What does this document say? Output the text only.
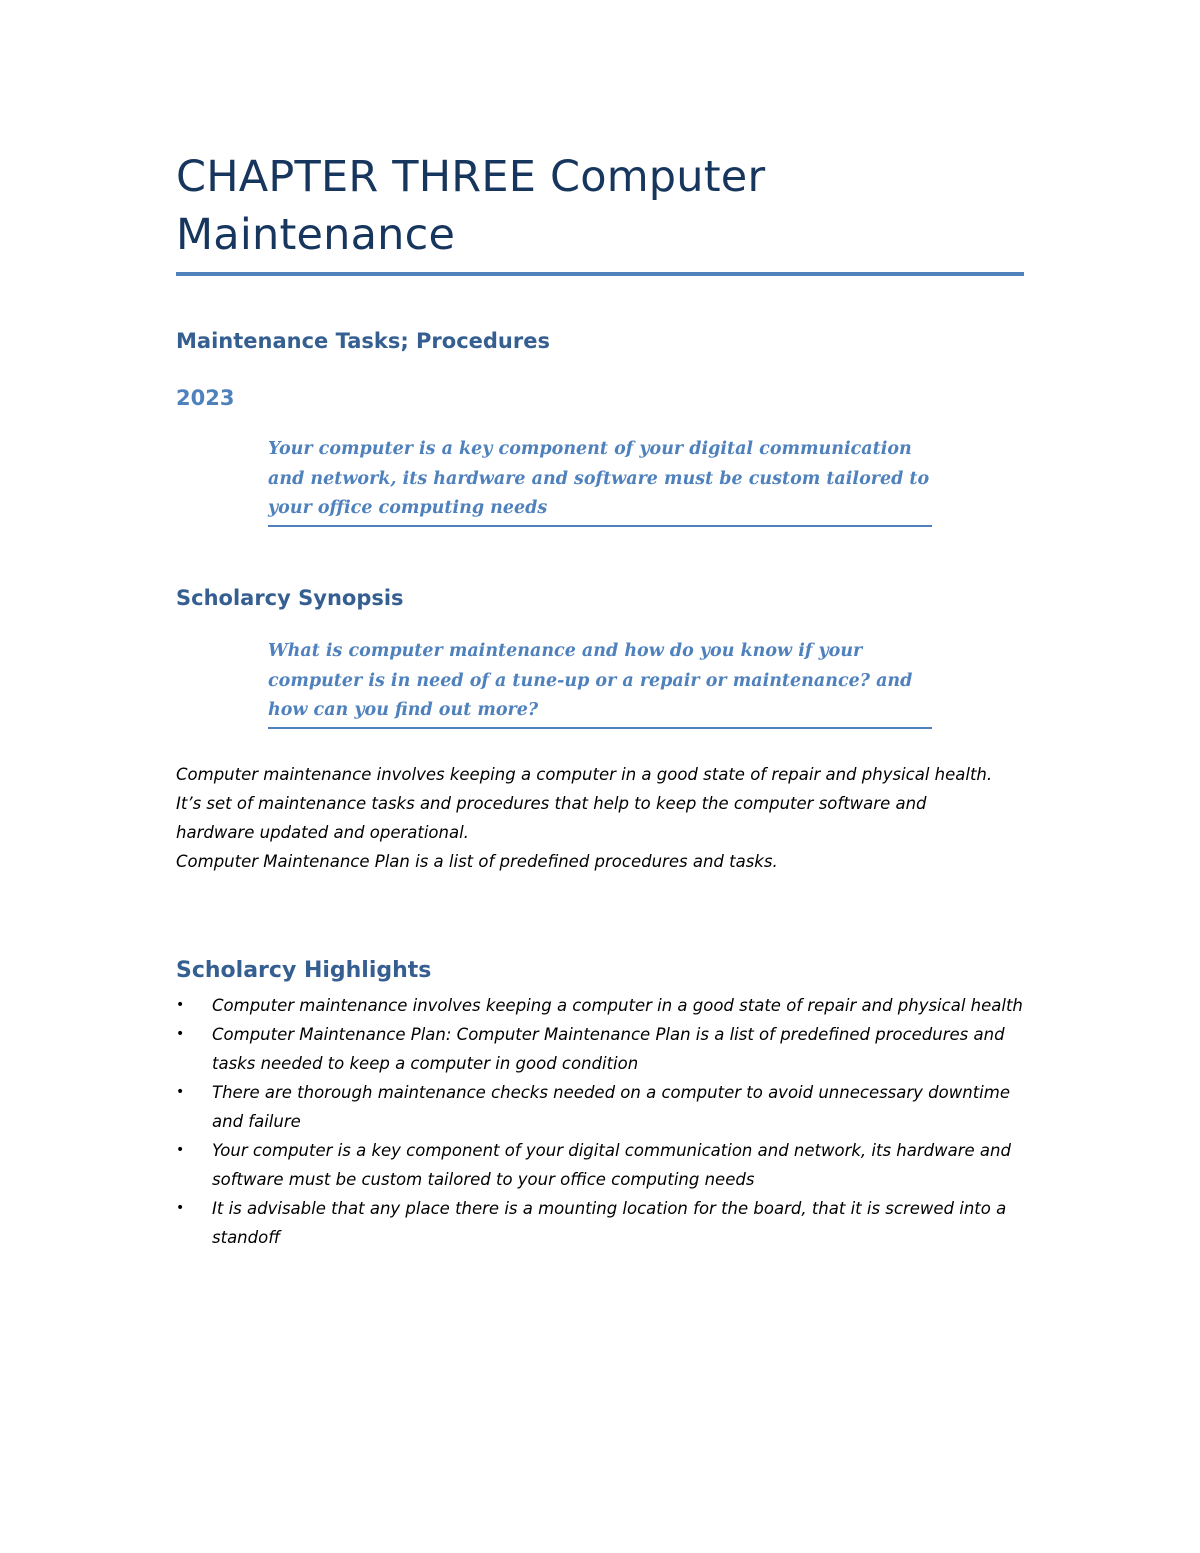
CHAPTER THREE Computer Maintenance
Maintenance Tasks; Procedures
2023
Your computer is a key component of your digital communication and network, its hardware and software must be custom tailored to your office computing needs
Scholarcy Synopsis
What is computer maintenance and how do you know if your computer is in need of a tune-up or a repair or maintenance? and how can you find out more?

Computer maintenance involves keeping a computer in a good state of repair and physical health.

It’s set of maintenance tasks and procedures that help to keep the computer software and hardware updated and operational.

Computer Maintenance Plan is a list of predefined procedures and tasks.

Scholarcy Highlights
• Computer maintenance involves keeping a computer in a good state of repair and physical health
• Computer Maintenance Plan: Computer Maintenance Plan is a list of predefined procedures and tasks needed to keep a computer in good condition
• There are thorough maintenance checks needed on a computer to avoid unnecessary downtime and failure
• Your computer is a key component of your digital communication and network, its hardware and software must be custom tailored to your office computing needs
• It is advisable that any place there is a mounting location for the board, that it is screwed into a standoff
